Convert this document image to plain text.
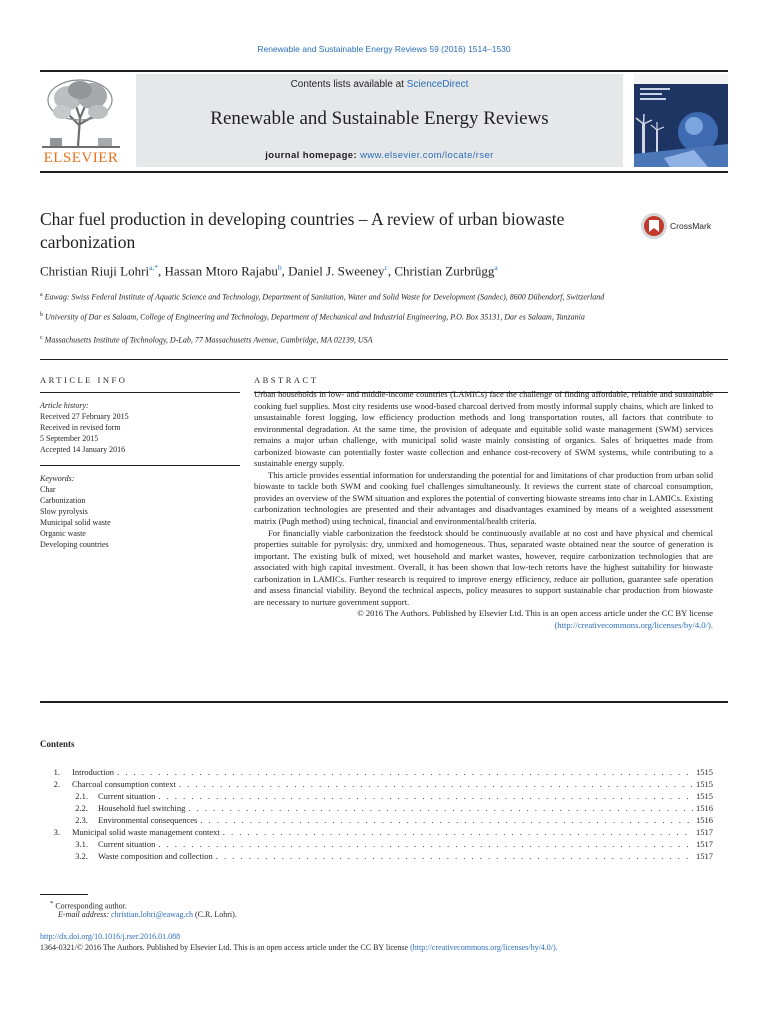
Renewable and Sustainable Energy Reviews 59 (2016) 1514–1530
ELSEVIER
Contents lists available at ScienceDirect
Renewable and Sustainable Energy Reviews
journal homepage: www.elsevier.com/locate/rser
Char fuel production in developing countries – A review of urban biowaste carbonization
CrossMark
Christian Riuji Lohri$^{a,*}$, Hassan Mtoro Rajabu$^b$, Daniel J. Sweeney$^c$, Christian Zurbrügg$^a$
$^a$ Eawag: Swiss Federal Institute of Aquatic Science and Technology, Department of Sanitation, Water and Solid Waste for Development (Sandec), 8600 Dübendorf, Switzerland
$^b$ University of Dar es Salaam, College of Engineering and Technology, Department of Mechanical and Industrial Engineering, P.O. Box 35131, Dar es Salaam, Tanzania
$^c$ Massachusetts Institute of Technology, D-Lab, 77 Massachusetts Avenue, Cambridge, MA 02139, USA
ARTICLE INFO	ABSTRACT
Article history:
Received 27 February 2015
Received in revised form
5 September 2015
Accepted 14 January 2016
Keywords:
Char
Carbonization
Slow pyrolysis
Municipal solid waste
Organic waste
Developing countries

Urban households in low- and middle-income countries (LAMICs) face the challenge of finding affordable, reliable and sustainable cooking fuel supplies. Most city residents use wood-based charcoal derived from mostly informal supply chains, which are linked to unsustainable forest logging, low efficiency production methods and long transportation routes, all factors that contribute to environmental degradation. At the same time, the provision of adequate and equitable solid waste management (SWM) services remains a major urban challenge, with municipal solid waste mainly consisting of organics. Sales of briquettes made from carbonized biowaste can potentially foster waste collection and enhance cost-recovery of SWM systems, while contributing to a sustainable energy supply.

This article provides essential information for understanding the potential for and limitations of char production from urban solid biowaste to tackle both SWM and cooking fuel challenges simultaneously. It reviews the current state of charcoal consumption, provides an overview of the SWM situation and explores the potential of converting biowaste streams into char in LAMICs. Existing carbonization technologies are presented and their advantages and disadvantages examined by means of a weighted assessment matrix (Pugh method) using technical, financial and environmental/health criteria.

For financially viable carbonization the feedstock should be continuously available at no cost and have physical and chemical properties suitable for pyrolysis: dry, unmixed and homogeneous. Thus, separated waste obtained near the source of generation is important. The existing bulk of mixed, wet household and market wastes, however, require carbonization technologies that are associated with high capital investment. Overall, it has been shown that low-tech retorts have the highest suitability for biowaste carbonization in LAMICs. Further research is required to improve energy efficiency, reduce air pollution, guarantee safe operation and assess financial viability. Beyond the technical aspects, policy measures to support sustainable char production from biowaste are necessary to nurture government support.

© 2016 The Authors. Published by Elsevier Ltd. This is an open access article under the CC BY license
(http://creativecommons.org/licenses/by/4.0/).

Contents
1.	Introduction . . .	1515
2.	Charcoal consumption context . . .	1515
2.1.	Current situation . . .	1515
2.2.	Household fuel switching . . .	1516
2.3.	Environmental consequences . . .	1516
3.	Municipal solid waste management context . . .	1517
3.1.	Current situation . . .	1517
3.2.	Waste composition and collection . . .	1517
* Corresponding author.
E-mail address: christian.lohri@eawag.ch (C.R. Lohri).
http://dx.doi.org/10.1016/j.rser.2016.01.088
1364-0321/© 2016 The Authors. Published by Elsevier Ltd. This is an open access article under the CC BY license (http://creativecommons.org/licenses/by/4.0/).
